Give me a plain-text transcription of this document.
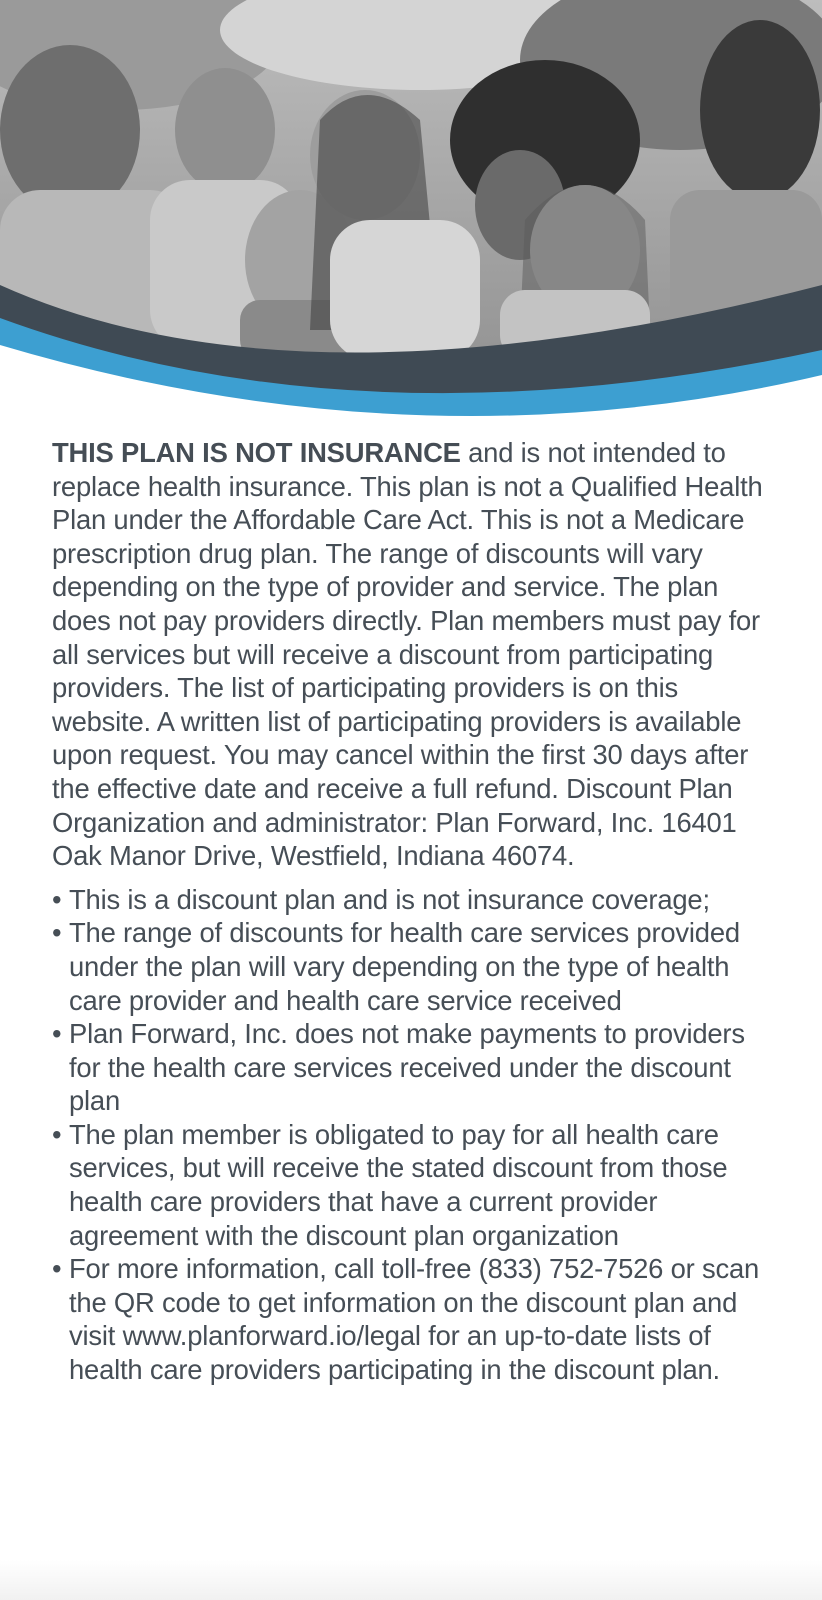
THIS PLAN IS NOT INSURANCE and is not intended to replace health insurance. This plan is not a Qualified Health Plan under the Affordable Care Act. This is not a Medicare prescription drug plan. The range of discounts will vary depending on the type of provider and service. The plan does not pay providers directly. Plan members must pay for all services but will receive a discount from participating providers. The list of participating providers is on this website. A written list of participating providers is available upon request. You may cancel within the first 30 days after the effective date and receive a full refund. Discount Plan Organization and administrator: Plan Forward, Inc. 16401 Oak Manor Drive, Westfield, Indiana 46074.

• This is a discount plan and is not insurance coverage;
• The range of discounts for health care services provided under the plan will vary depending on the type of health care provider and health care service received
• Plan Forward, Inc. does not make payments to providers for the health care services received under the discount plan
• The plan member is obligated to pay for all health care services, but will receive the stated discount from those health care providers that have a current provider agreement with the discount plan organization
• For more information, call toll-free (833) 752-7526 or scan the QR code to get information on the discount plan and visit www.planforward.io/legal for an up-to-date lists of health care providers participating in the discount plan.
